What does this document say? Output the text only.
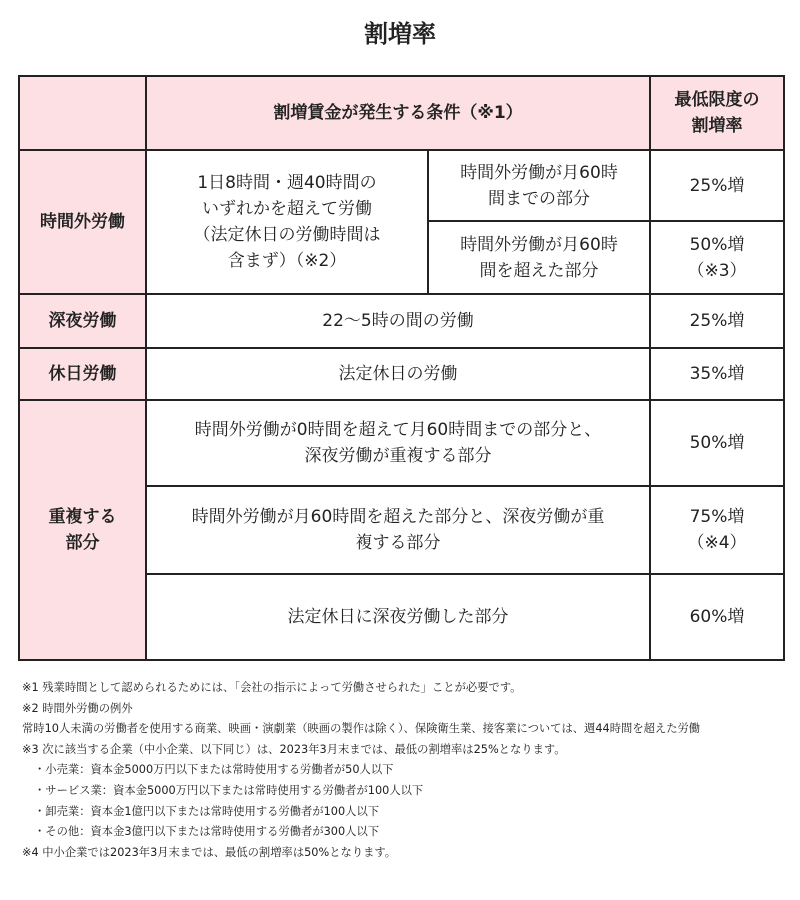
割増率

	割増賃金が発生する条件（※1）		最低限度の
割増率

時間外労働	1日8時間・週40時間の
いずれかを超えて労働
（法定休日の労働時間は
含まず）（※2）	時間外労働が月60時
間までの部分	25%増

		時間外労働が月60時
間を超えた部分	50%増
（※3）

深夜労働	22〜5時の間の労働		25%増

休日労働	法定休日の労働		35%増

重複する
部分	時間外労働が0時間を超えて月60時間までの部分と、
深夜労働が重複する部分		50%増

	時間外労働が月60時間を超えた部分と、深夜労働が重
複する部分		75%増
（※4）

	法定休日に深夜労働した部分		60%増
※1 残業時間として認められるためには、「会社の指示によって労働させられた」ことが必要です。
※2 時間外労働の例外
常時10人未満の労働者を使用する商業、映画・演劇業（映画の製作は除く）、保険衛生業、接客業については、週44時間を超えた労働
※3 次に該当する企業（中小企業、以下同じ）は、2023年3月末までは、最低の割増率は25%となります。
・小売業：資本金5000万円以下または常時使用する労働者が50人以下
・サービス業：資本金5000万円以下または常時使用する労働者が100人以下
・卸売業：資本金1億円以下または常時使用する労働者が100人以下
・その他：資本金3億円以下または常時使用する労働者が300人以下
※4 中小企業では2023年3月末までは、最低の割増率は50%となります。
